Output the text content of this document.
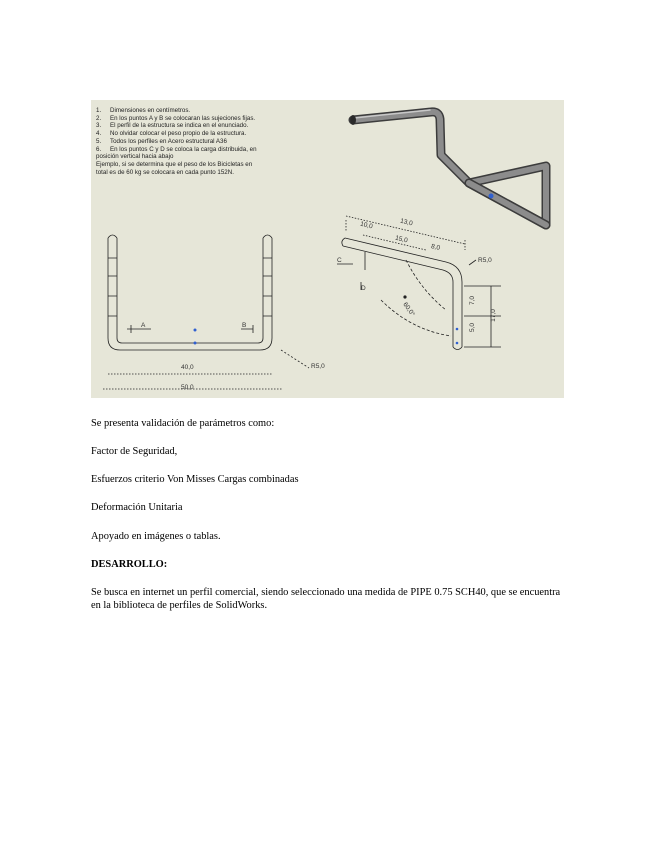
1.	Dimensiones en centímetros.
2.	En los puntos A y B se colocaran las sujeciones fijas.
3.	El perfil de la estructura se indica en el enunciado.
4.	No olvidar colocar el peso propio de la estructura.
5.	Todos los perfiles en Acero estructural A36
6.	En los puntos C y D se coloca la carga distribuida, en
posición vertical hacia abajo
Ejemplo, si se determina que el peso de los Bicicletas en
total es de 60 kg se colocara en cada punto 152N.
40,0
50,0
R5,0
A	B
10,0	13,0
15,0
8,0
R5,0
7,0
5,0
17,0
60,0°
C
D
Se presenta validación de parámetros como:
Factor de Seguridad,
Esfuerzos criterio Von Misses Cargas combinadas
Deformación Unitaria
Apoyado en imágenes o tablas.
DESARROLLO:
Se busca en internet un perfil comercial, siendo seleccionado una medida de PIPE 0.75 SCH40, que se encuentra en la biblioteca de perfiles de SolidWorks.
